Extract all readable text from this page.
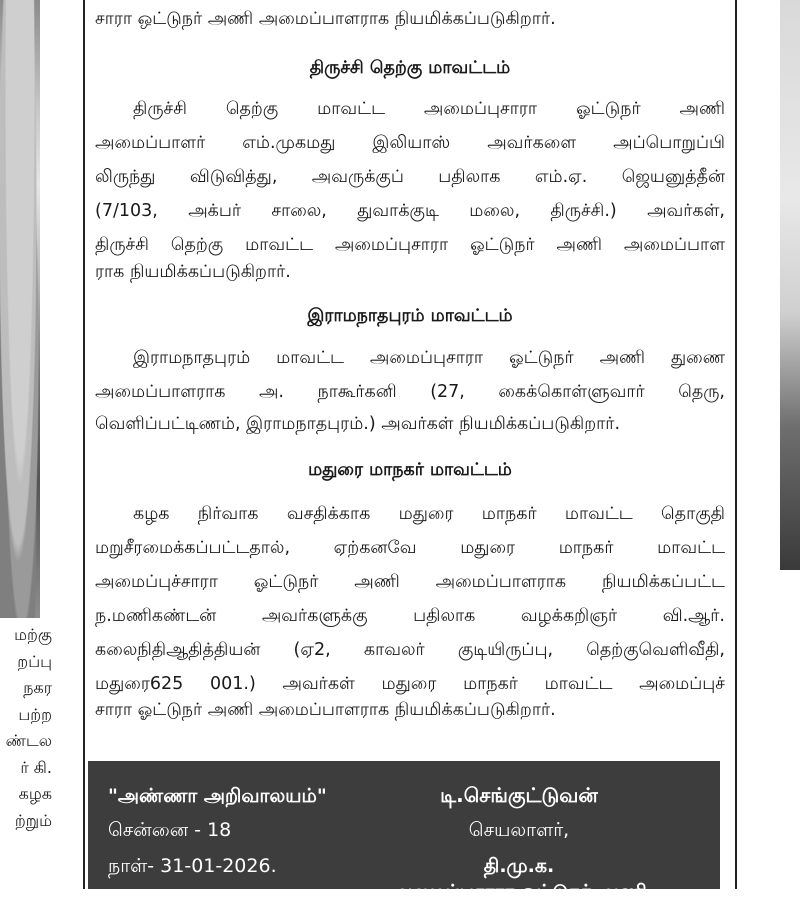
மற்கு
றப்பு
நகர
பற்ற
ண்டல
ர் கி.
கழக
ற்றும்
சாரா ஒட்டுநர் அணி அமைப்பாளராக நியமிக்கப்படுகிறார்.
திருச்சி தெற்கு மாவட்டம்
திருச்சி தெற்கு மாவட்ட அமைப்புசாரா ஓட்டுநர் அணி
அமைப்பாளர் எம்.முகமது இலியாஸ் அவர்களை அப்பொறுப்பி
லிருந்து விடுவித்து, அவருக்குப் பதிலாக எம்.ஏ. ஜெயனுத்தீன்
(7/103, அக்பர் சாலை, துவாக்குடி மலை, திருச்சி.) அவர்கள்,
திருச்சி தெற்கு மாவட்ட அமைப்புசாரா ஓட்டுநர் அணி அமைப்பாள
ராக நியமிக்கப்படுகிறார்.
இராமநாதபுரம் மாவட்டம்
இராமநாதபுரம் மாவட்ட அமைப்புசாரா ஓட்டுநர் அணி துணை
அமைப்பாளராக அ. நாகூர்கனி (27, கைக்கொள்ளுவார் தெரு,
வெளிப்பட்டிணம், இராமநாதபுரம்.) அவர்கள் நியமிக்கப்படுகிறார்.
மதுரை மாநகர் மாவட்டம்
கழக நிர்வாக வசதிக்காக மதுரை மாநகர் மாவட்ட தொகுதி
மறுசீரமைக்கப்பட்டதால், ஏற்கனவே மதுரை மாநகர் மாவட்ட
அமைப்புச்சாரா ஓட்டுநர் அணி அமைப்பாளராக நியமிக்கப்பட்ட
ந.மணிகண்டன் அவர்களுக்கு பதிலாக வழக்கறிஞர் வி.ஆர்.
கலைநிதிஆதித்தியன் (ஏ2, காவலர் குடியிருப்பு, தெற்குவெளிவீதி,
மதுரை625 001.) அவர்கள் மதுரை மாநகர் மாவட்ட அமைப்புச்
சாரா ஓட்டுநர் அணி அமைப்பாளராக நியமிக்கப்படுகிறார்.
"அண்ணா அறிவாலயம்"
சென்னை - 18
நாள்- 31-01-2026.
டி.செங்குட்டுவன்
செயலாளர்,
தி.மு.க.
அமைப்புசாரா ஓட்டுநர் அணி
